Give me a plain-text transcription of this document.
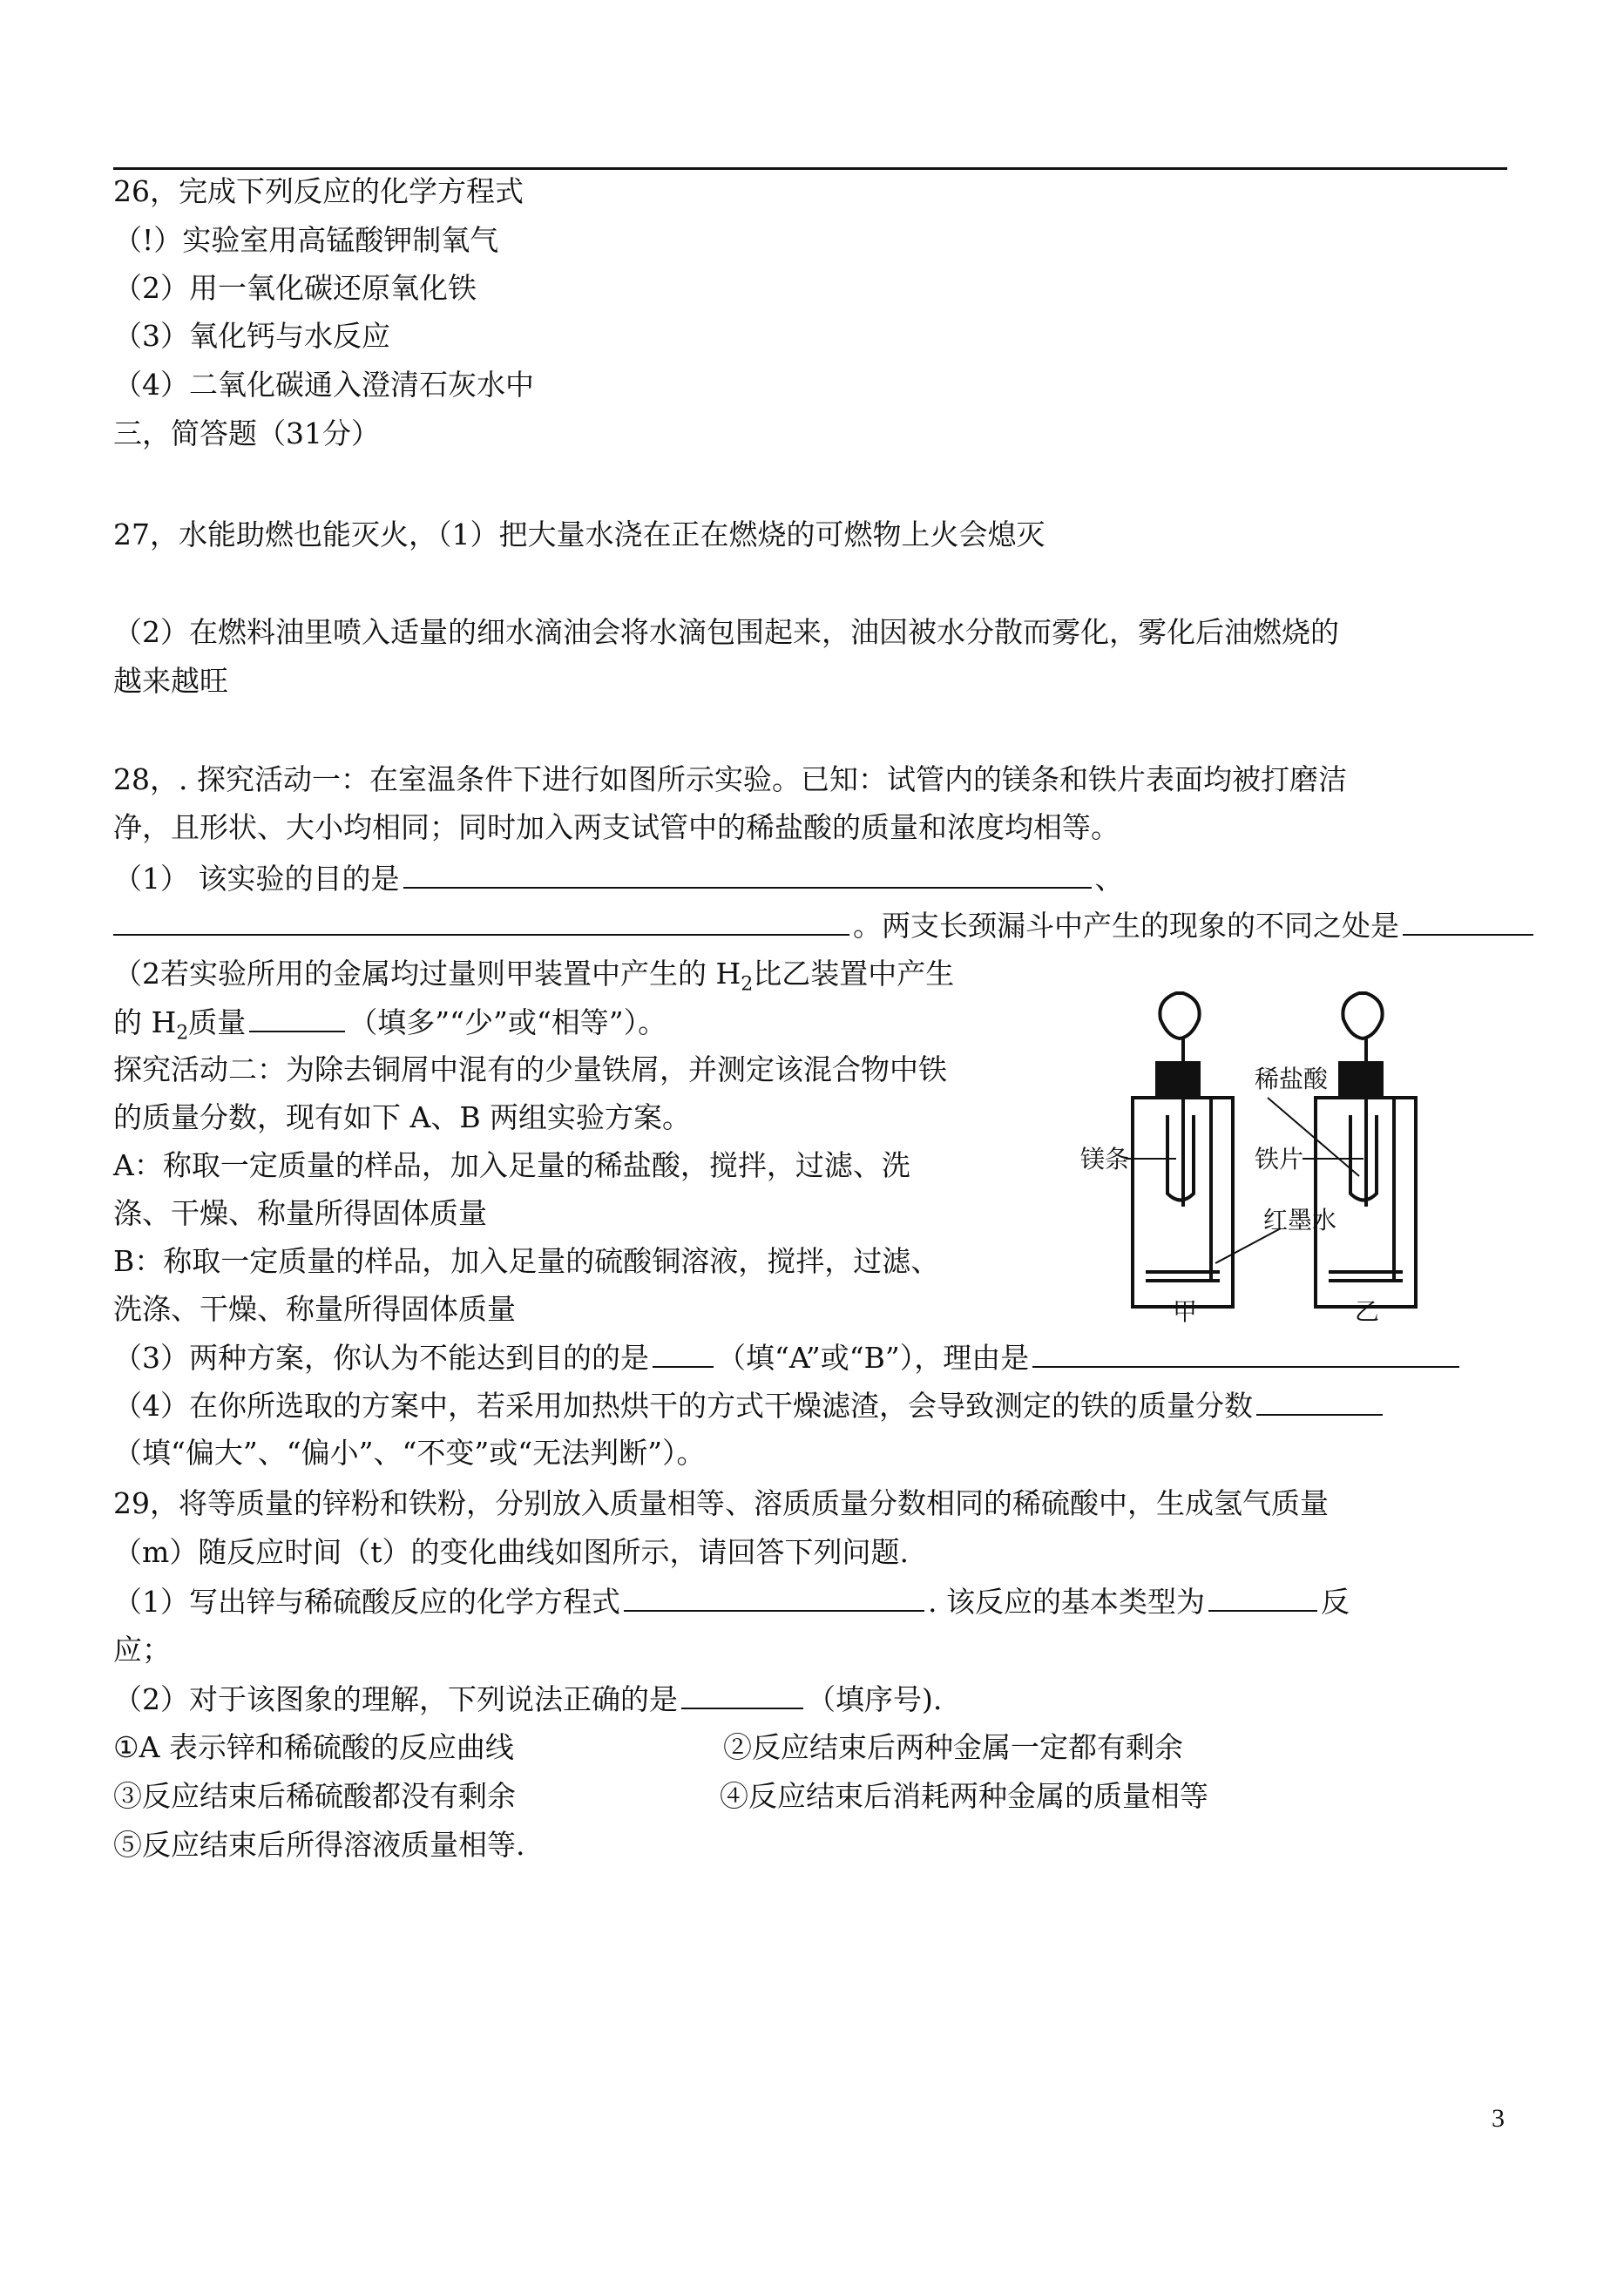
26，完成下列反应的化学方程式
（!）实验室用高锰酸钾制氧气
（2）用一氧化碳还原氧化铁
（3）氧化钙与水反应
（4）二氧化碳通入澄清石灰水中
三，简答题（31分）
27，水能助燃也能灭火，（1）把大量水浇在正在燃烧的可燃物上火会熄灭
（2）在燃料油里喷入适量的细水滴油会将水滴包围起来，油因被水分散而雾化，雾化后油燃烧的
越来越旺
28，. 探究活动一：在室温条件下进行如图所示实验。已知：试管内的镁条和铁片表面均被打磨洁
净，且形状、大小均相同；同时加入两支试管中的稀盐酸的质量和浓度均相等。
（1） 该实验的目的是	、
。两支长颈漏斗中产生的现象的不同之处是
（2若实验所用的金属均过量则甲装置中产生的 $H_2$比乙装置中产生
的 $H_2$质量	（填多”“少”或“相等”）。
探究活动二：为除去铜屑中混有的少量铁屑，并测定该混合物中铁
的质量分数，现有如下 A、B 两组实验方案。
A：称取一定质量的样品，加入足量的稀盐酸，搅拌，过滤、洗
涤、干燥、称量所得固体质量
B：称取一定质量的样品，加入足量的硫酸铜溶液，搅拌，过滤、
洗涤、干燥、称量所得固体质量
（3）两种方案，你认为不能达到目的的是 （填“A”或“B”），理由是
（4）在你所选取的方案中，若采用加热烘干的方式干燥滤渣，会导致测定的铁的质量分数
（填“偏大”、“偏小”、“不变”或“无法判断”）。
镁条
稀盐酸
铁片
红墨水
甲	乙
29，将等质量的锌粉和铁粉，分别放入质量相等、溶质质量分数相同的稀硫酸中，生成氢气质量
（m）随反应时间（t）的变化曲线如图所示，请回答下列问题.
（1）写出锌与稀硫酸反应的化学方程式	. 该反应的基本类型为	反
应；
（2）对于该图象的理解，下列说法正确的是	（填序号).
①A 表示锌和稀硫酸的反应曲线	②反应结束后两种金属一定都有剩余
③反应结束后稀硫酸都没有剩余	④反应结束后消耗两种金属的质量相等
⑤反应结束后所得溶液质量相等.
3
